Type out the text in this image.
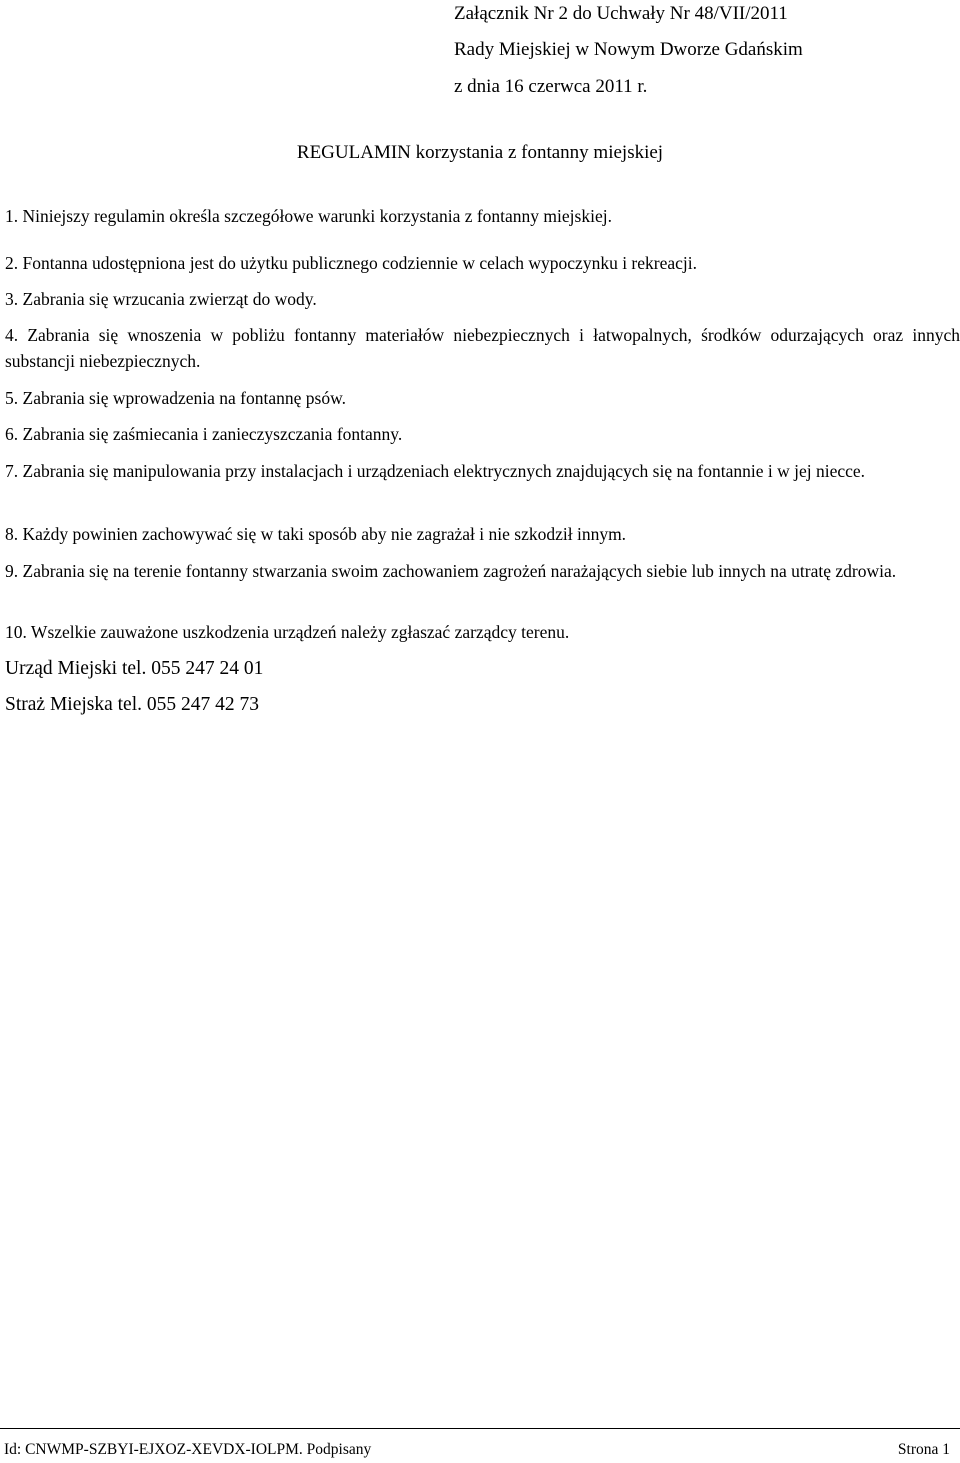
Załącznik Nr 2 do Uchwały Nr 48/VII/2011
Rady Miejskiej w Nowym Dworze Gdańskim
z dnia 16 czerwca 2011 r.
REGULAMIN korzystania z fontanny miejskiej
1. Niniejszy regulamin określa szczegółowe warunki korzystania z fontanny miejskiej.
2. Fontanna udostępniona jest do użytku publicznego codziennie w celach wypoczynku i rekreacji.
3. Zabrania się wrzucania zwierząt do wody.
4. Zabrania się wnoszenia w pobliżu fontanny materiałów niebezpiecznych i łatwopalnych, środków odurzających oraz innych substancji niebezpiecznych.
5. Zabrania się wprowadzenia na fontannę psów.
6. Zabrania się zaśmiecania i zanieczyszczania fontanny.
7. Zabrania się manipulowania przy instalacjach i urządzeniach elektrycznych znajdujących się na fontannie i w jej niecce.
8. Każdy powinien zachowywać się w taki sposób aby nie zagrażał i nie szkodził innym.
9. Zabrania się na terenie fontanny stwarzania swoim zachowaniem zagrożeń narażających siebie lub innych na utratę zdrowia.
10. Wszelkie zauważone uszkodzenia urządzeń należy zgłaszać zarządcy terenu.
Urząd Miejski tel. 055 247 24 01
Straż Miejska tel. 055 247 42 73
Id: CNWMP-SZBYI-EJXOZ-XEVDX-IOLPM. Podpisany	Strona 1
